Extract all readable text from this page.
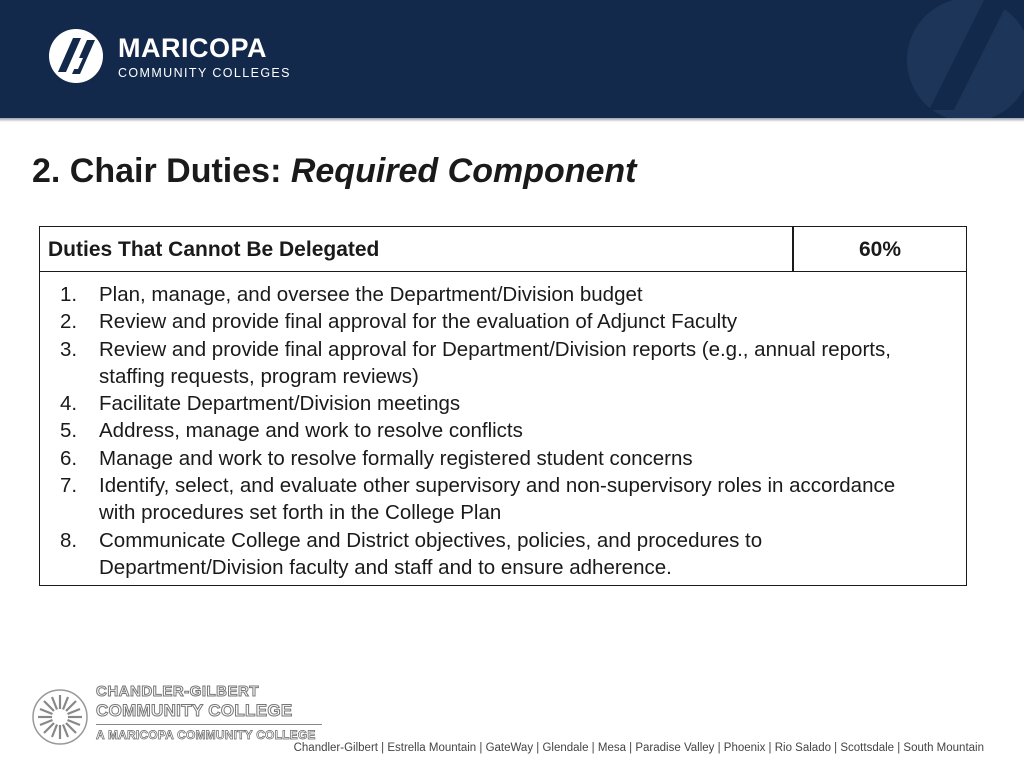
MARICOPA
COMMUNITY COLLEGES
2. Chair Duties: Required Component
Duties That Cannot Be Delegated	60%
1. Plan, manage, and oversee the Department/Division budget
2. Review and provide final approval for the evaluation of Adjunct Faculty
3. Review and provide final approval for Department/Division reports (e.g., annual reports, staffing requests, program reviews)
4. Facilitate Department/Division meetings
5. Address, manage and work to resolve conflicts
6. Manage and work to resolve formally registered student concerns
7. Identify, select, and evaluate other supervisory and non-supervisory roles in accordance with procedures set forth in the College Plan
8. Communicate College and District objectives, policies, and procedures to Department/Division faculty and staff and to ensure adherence.
CHANDLER-GILBERT
COMMUNITY COLLEGE
A MARICOPA COMMUNITY COLLEGE
Chandler-Gilbert | Estrella Mountain | GateWay | Glendale | Mesa | Paradise Valley | Phoenix | Rio Salado | Scottsdale | South Mountain
